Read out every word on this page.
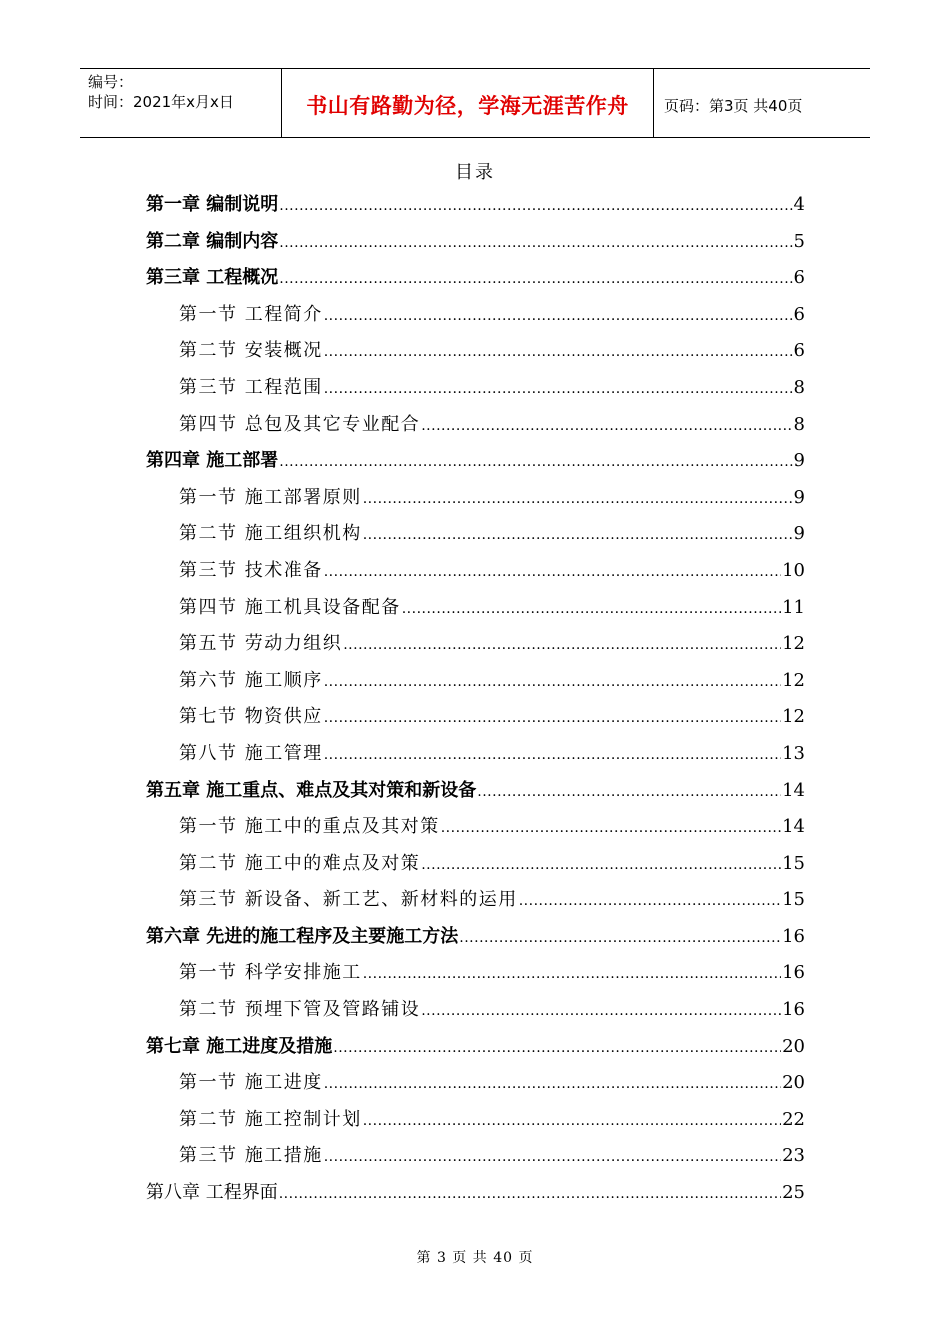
编号：
时间：2021年x月x日	书山有路勤为径，学海无涯苦作舟	页码：第3页 共40页
目录
第一章 编制说明 .....	4
第二章 编制内容 .....	5
第三章 工程概况 .....	6
第一节 工程简介 .....	6
第二节 安装概况 .....	6
第三节 工程范围 .....	8
第四节 总包及其它专业配合 .....	8
第四章 施工部署 .....	9
第一节 施工部署原则 .....	9
第二节 施工组织机构 .....	9
第三节 技术准备 .....	10
第四节 施工机具设备配备 .....	11
第五节 劳动力组织 .....	12
第六节 施工顺序 .....	12
第七节 物资供应 .....	12
第八节 施工管理 .....	13
第五章 施工重点、难点及其对策和新设备 .....	14
第一节 施工中的重点及其对策 .....	14
第二节 施工中的难点及对策 .....	15
第三节 新设备、新工艺、新材料的运用 .....	15
第六章 先进的施工程序及主要施工方法 .....	16
第一节 科学安排施工 .....	16
第二节 预埋下管及管路铺设 .....	16
第七章 施工进度及措施 .....	20
第一节 施工进度 .....	20
第二节 施工控制计划 .....	22
第三节 施工措施 .....	23
第八章 工程界面 .....	25
第 3 页 共 40 页
